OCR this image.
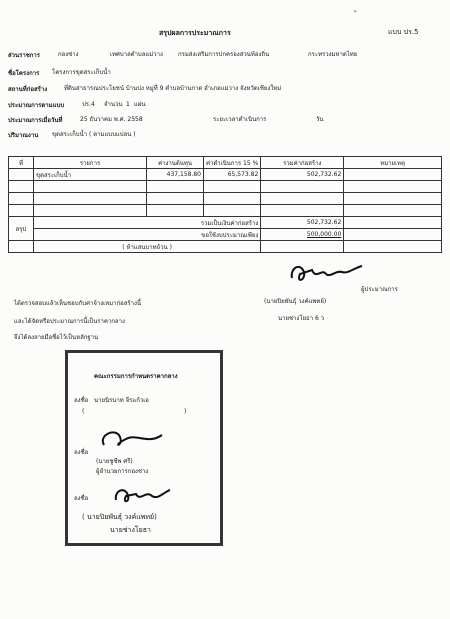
สรุปผลการประมาณการ	แบบ ปร.5
"
ส่วนราชการ	กองช่าง	เทศบาลตำบลแม่วาง	กรมส่งเสริมการปกครองส่วนท้องถิ่น	กระทรวงมหาดไทย
ชื่อโครงการ โครงการขุดสระเก็บน้ำ
สถานที่ก่อสร้าง	ที่ดินสาธารณประโยชน์ บ้านปง หมู่ที่ 9 ตำบลบ้านกาด อำเภอแม่วาง จังหวัดเชียงใหม่
ประมาณการตามแบบ	ปร.4 จำนวน 1 แผ่น
ประมาณการเมื่อวันที่	25 ธันวาคม พ.ศ. 2558	ระยะเวลาดำเนินการ	วัน
ปริมาณงาน ขุดสระเก็บน้ำ ( ตามแบบแปลน )
ที่	รายการ	ค่างานต้นทุน	ค่าดำเนินการ 15 %	รวมค่าก่อสร้าง	หมายเหตุ
	ขุดสระเก็บน้ำ	437,158.80	65,573.82	502,732.62	

สรุป	รวมเป็นเงินค่าก่อสร้าง			502,732.62	
	ขอใช้งบประมาณเพียง			500,000.00	
	( ห้าแสนบาทถ้วน )				
ผู้ประมาณการ
(นายปิยพันธุ์ วงค์แพทย์)
นายช่างโยธา 6 ว
ได้ตรวจสอบแล้วเห็นชอบกับค่าจ้างเหมาก่อสร้างนี้
และได้จัดหรือประมาณการนี้เป็นราคากลาง
จึงได้ลงลายมือชื่อไว้เป็นหลักฐาน
คณะกรรมการกำหนดราคากลาง
ลงชื่อ นายนิรนาท จีรแก้วเอ
(	)
ลงชื่อ
(นายชูชีพ ศรี)
ผู้อำนวยการกองช่าง
ลงชื่อ
( นายปิยพันธุ์ วงค์แพทย์)
นายช่างโยธา
